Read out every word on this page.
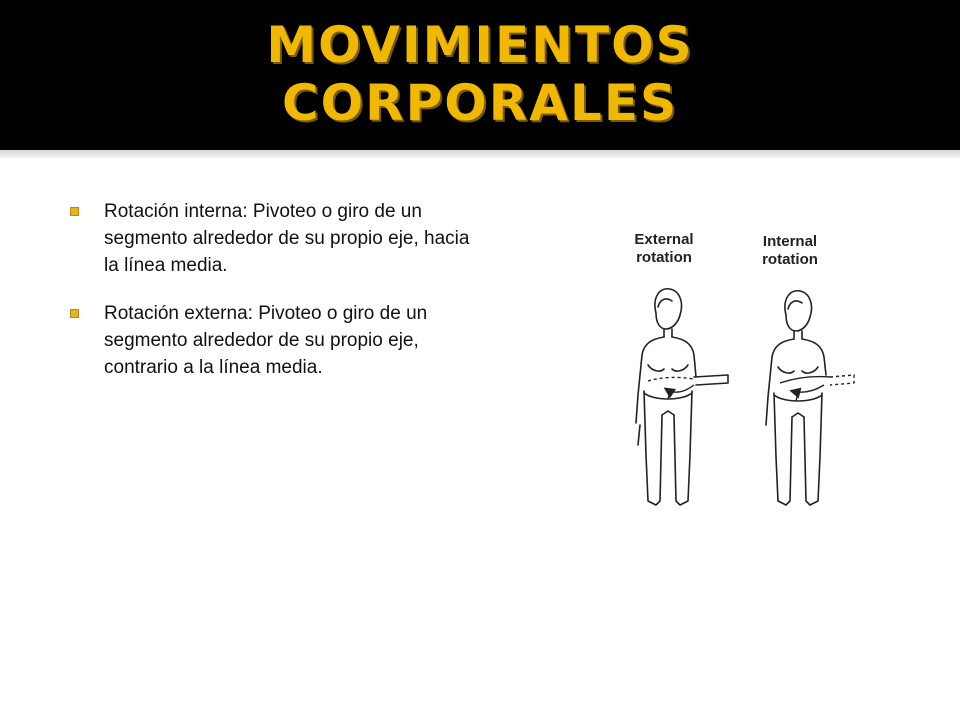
MOVIMIENTOS
CORPORALES
Rotación interna: Pivoteo o giro de un segmento alrededor de su propio eje, hacia la línea media.
Rotación externa: Pivoteo o giro de un segmento alrededor de su propio eje, contrario a la línea media.
External
rotation
Internal
rotation
